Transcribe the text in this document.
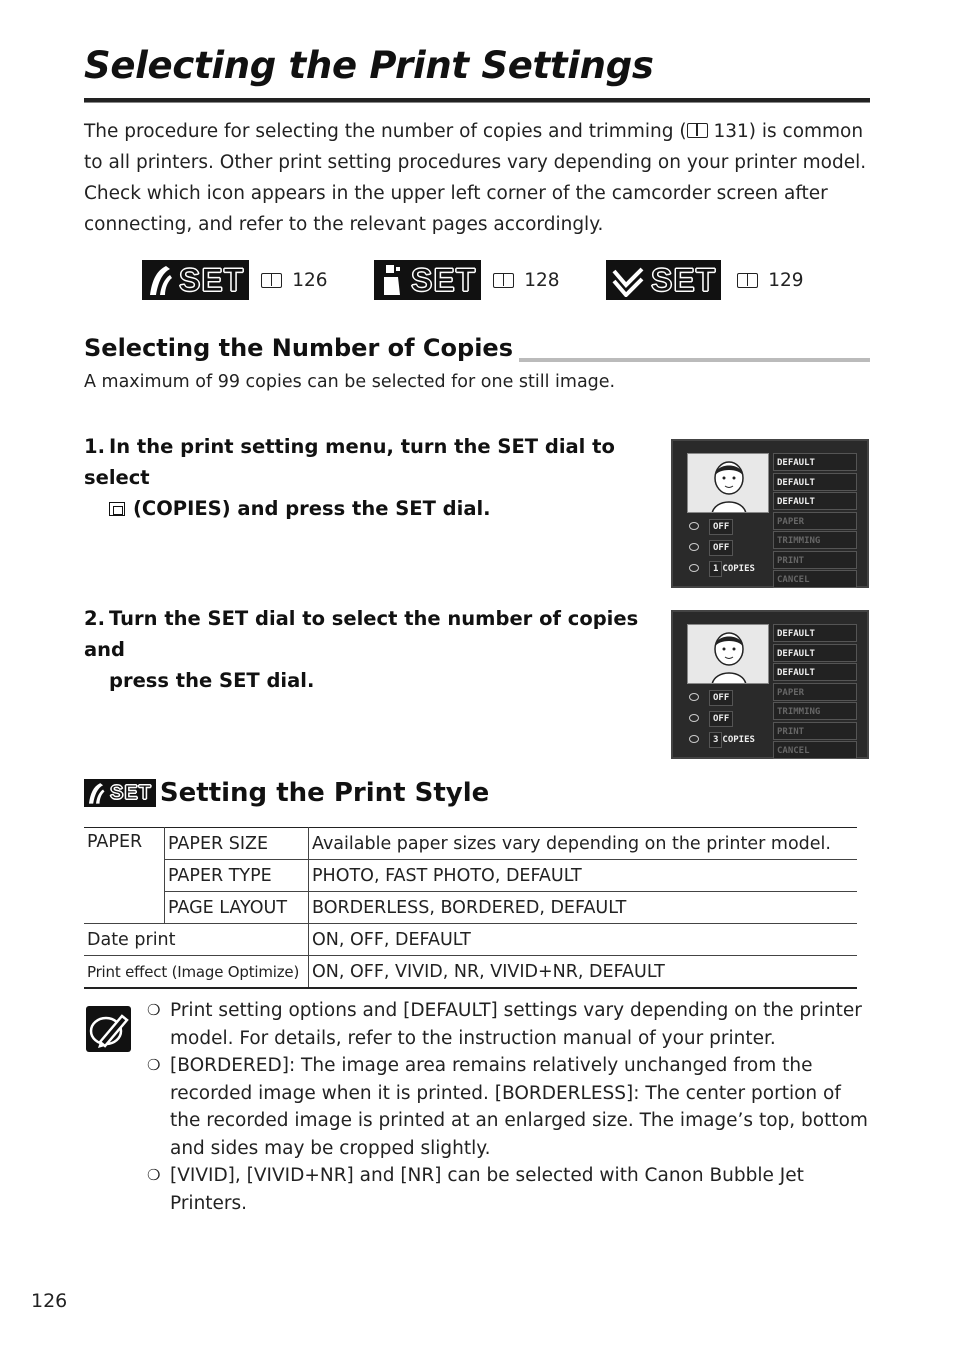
Selecting the Print Settings

The procedure for selecting the number of copies and trimming ( 131) is common to all printers. Other print setting procedures vary depending on your printer model. Check which icon appears in the upper left corner of the camcorder screen after connecting, and refer to the relevant pages accordingly.

SET	126	SET	128	SET	129
Selecting the Number of Copies

A maximum of 99 copies can be selected for one still image.

1. In the print setting menu, turn the SET dial to select
(COPIES) and press the SET dial.
2. Turn the SET dial to select the number of copies and
press the SET dial.
DEFAULT
DEFAULT
DEFAULT
PAPER
TRIMMING
PRINT
CANCEL
OFF
OFF
1 COPIES
DEFAULT
DEFAULT
DEFAULT
PAPER
TRIMMING
PRINT
CANCEL
OFF
OFF
3 COPIES
SET Setting the Print Style
PAPER	PAPER SIZE	Available paper sizes vary depending on the printer model.
	PAPER TYPE	PHOTO, FAST PHOTO, DEFAULT
	PAGE LAYOUT	BORDERLESS, BORDERED, DEFAULT
Date print		ON, OFF, DEFAULT
Print effect (Image Optimize)		ON, OFF, VIVID, NR, VIVID+NR, DEFAULT
❍ Print setting options and [DEFAULT] settings vary depending on the printer model. For details, refer to the instruction manual of your printer.
❍ [BORDERED]: The image area remains relatively unchanged from the recorded image when it is printed. [BORDERLESS]: The center portion of the recorded image is printed at an enlarged size. The image’s top, bottom and sides may be cropped slightly.
❍ [VIVID], [VIVID+NR] and [NR] can be selected with Canon Bubble Jet Printers.

126
